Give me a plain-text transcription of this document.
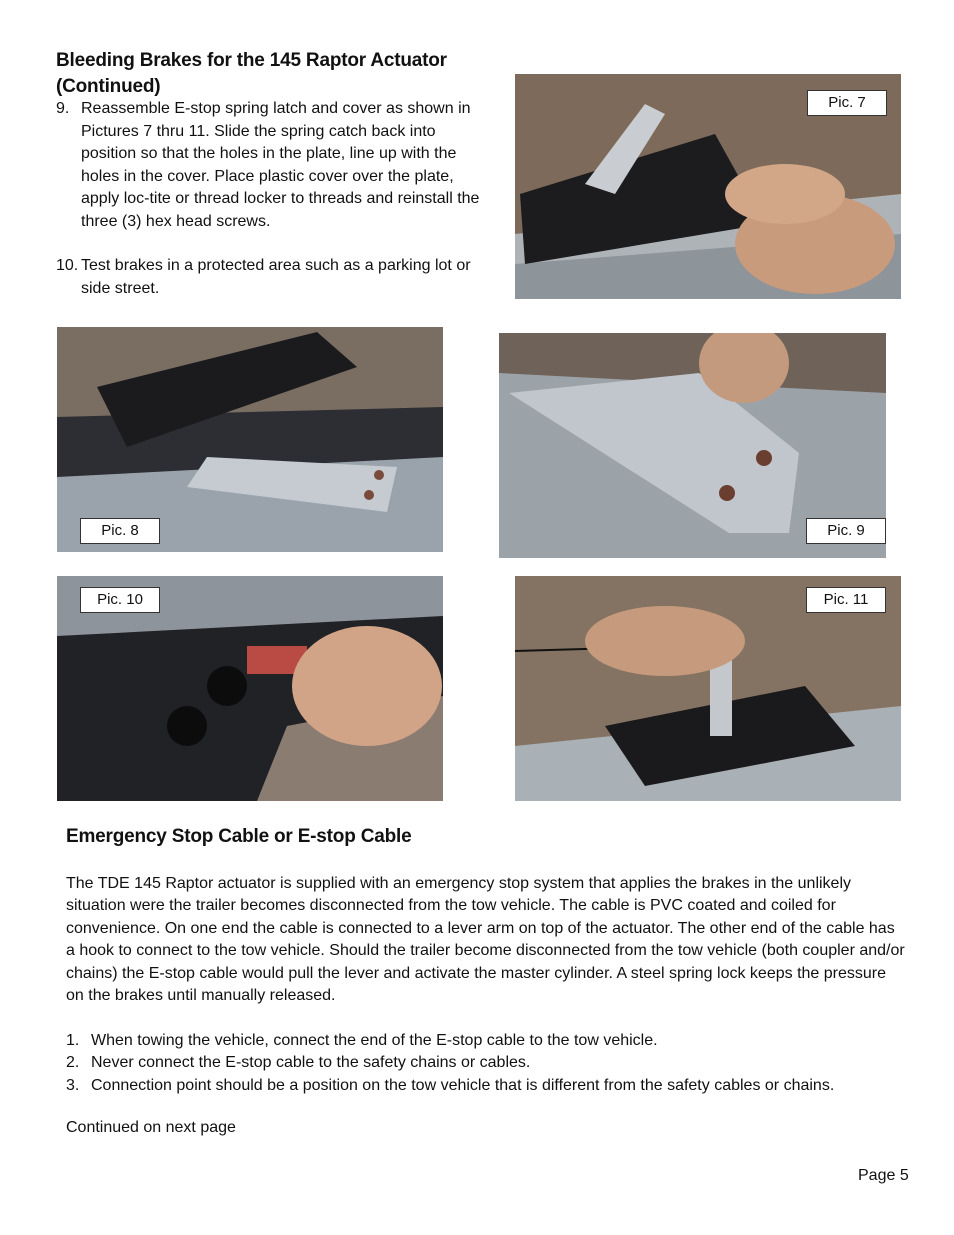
Bleeding Brakes for the 145 Raptor Actuator
(Continued)
9. Reassemble E-stop spring latch and cover as shown in Pictures 7 thru 11. Slide the spring catch back into position so that the holes in the plate, line up with the holes in the cover. Place plastic cover over the plate, apply loc-tite or thread locker to threads and reinstall the three (3) hex head screws.
10. Test brakes in a protected area such as a parking lot or side street.
Pic. 7
Pic. 8	Pic. 9
Pic. 10	Pic. 11
Emergency Stop Cable or E-stop Cable
The TDE 145 Raptor actuator is supplied with an emergency stop system that applies the brakes in the unlikely situation were the trailer becomes disconnected from the tow vehicle. The cable is PVC coated and coiled for convenience. On one end the cable is connected to a lever arm on top of the actuator. The other end of the cable has a hook to connect to the tow vehicle. Should the trailer become disconnected from the tow vehicle (both coupler and/or chains) the E-stop cable would pull the lever and activate the master cylinder. A steel spring lock keeps the pressure on the brakes until manually released.
1. When towing the vehicle, connect the end of the E-stop cable to the tow vehicle.
2. Never connect the E-stop cable to the safety chains or cables.
3. Connection point should be a position on the tow vehicle that is different from the safety cables or chains.
Continued on next page
Page 5
